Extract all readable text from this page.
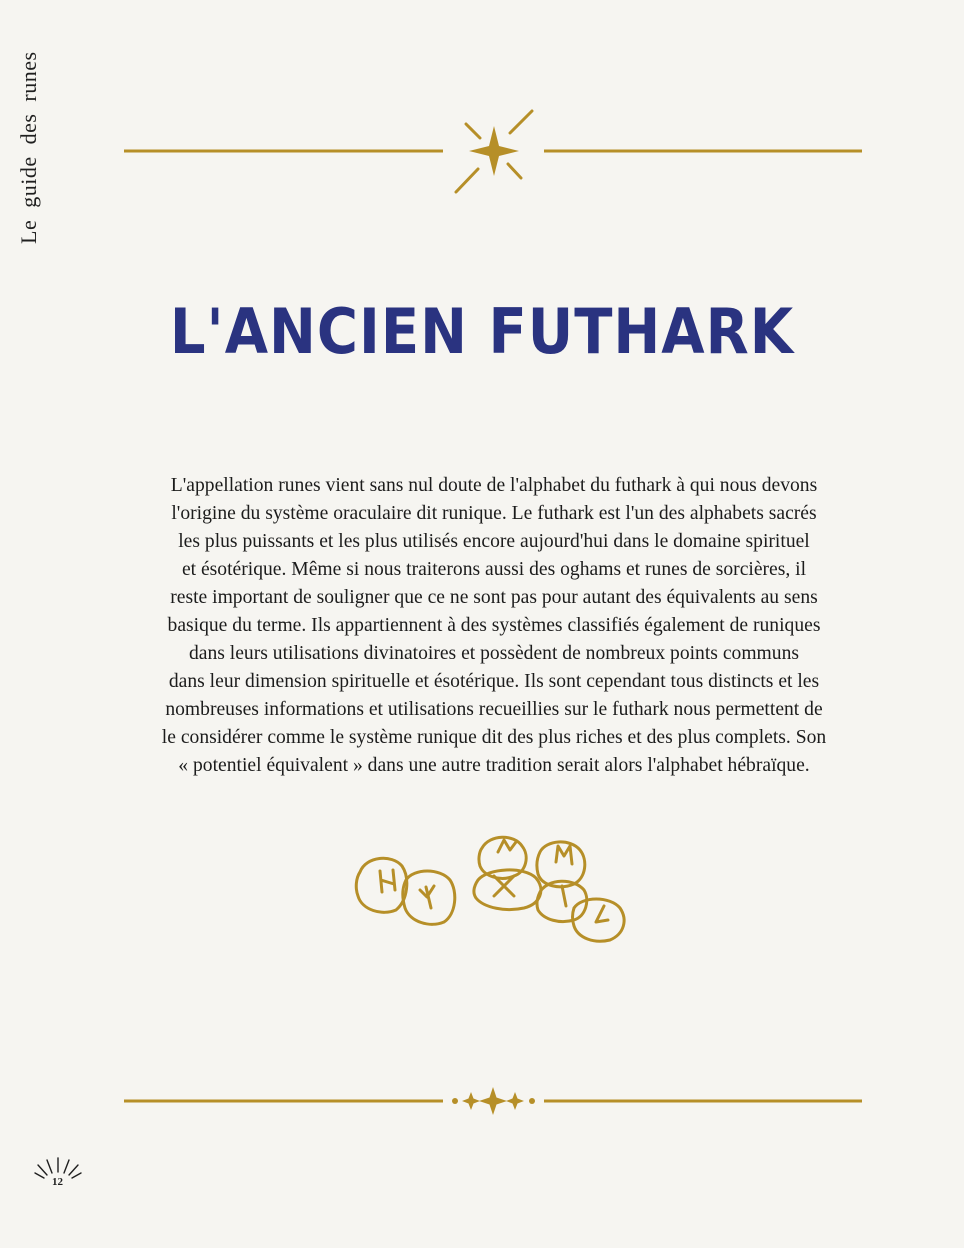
Leguidedesrunes
L'ANCIEN FUTHARK
L'appellation runes vient sans nul doute de l'alphabet du futhark à qui nous devons
l'origine du système oraculaire dit runique. Le futhark est l'un des alphabets sacrés
les plus puissants et les plus utilisés encore aujourd'hui dans le domaine spirituel
et ésotérique. Même si nous traiterons aussi des oghams et runes de sorcières, il
reste important de souligner que ce ne sont pas pour autant des équivalents au sens
basique du terme. Ils appartiennent à des systèmes classifiés également de runiques
dans leurs utilisations divinatoires et possèdent de nombreux points communs
dans leur dimension spirituelle et ésotérique. Ils sont cependant tous distincts et les
nombreuses informations et utilisations recueillies sur le futhark nous permettent de
le considérer comme le système runique dit des plus riches et des plus complets. Son
« potentiel équivalent » dans une autre tradition serait alors l'alphabet hébraïque.
12
